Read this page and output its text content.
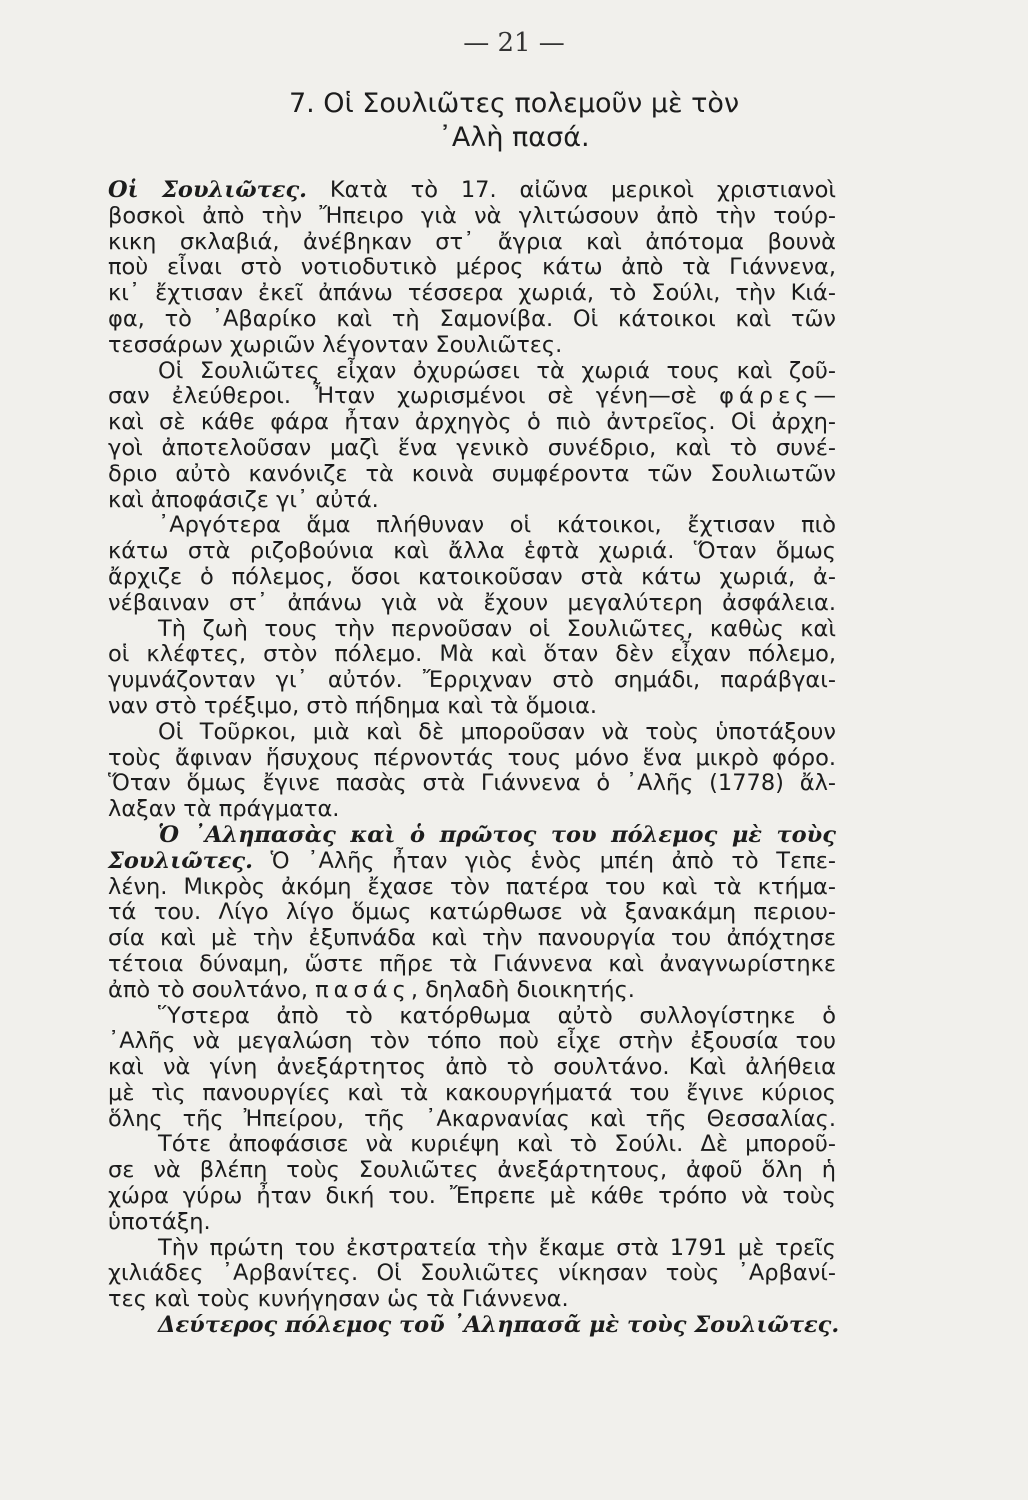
— 21 —
7. Οἱ Σουλιῶτες πολεμοῦν μὲ τὸν
᾿Αλὴ πασά.
Οἱ Σουλιῶτες. Κατὰ τὸ 17. αἰῶνα μερικοὶ χριστιανοὶ
βοσκοὶ ἀπὸ τὴν Ἤπειρο γιὰ νὰ γλιτώσουν ἀπὸ τὴν τούρ-
κικη σκλαβιά, ἀνέβηκαν στ᾿ ἄγρια καὶ ἀπότομα βουνὰ
ποὺ εἶναι στὸ νοτιοδυτικὸ μέρος κάτω ἀπὸ τὰ Γιάννενα,
κι᾿ ἔχτισαν ἐκεῖ ἀπάνω τέσσερα χωριά, τὸ Σούλι, τὴν Κιά-
φα, τὸ ᾿Αβαρίκο καὶ τὴ Σαμονίβα. Οἱ κάτοικοι καὶ τῶν
τεσσάρων χωριῶν λέγονταν Σουλιῶτες.
Οἱ Σουλιῶτες εἶχαν ὀχυρώσει τὰ χωριά τους καὶ ζοῦ-
σαν ἐλεύθεροι. Ἦταν χωρισμένοι σὲ γένη—σὲ φάρες—
καὶ σὲ κάθε φάρα ἦταν ἀρχηγὸς ὁ πιὸ ἀντρεῖος. Οἱ ἀρχη-
γοὶ ἀποτελοῦσαν μαζὶ ἕνα γενικὸ συνέδριο, καὶ τὸ συνέ-
δριο αὐτὸ κανόνιζε τὰ κοινὰ συμφέροντα τῶν Σουλιωτῶν
καὶ ἀποφάσιζε γι᾿ αὐτά.
᾿Αργότερα ἅμα πλήθυναν οἱ κάτοικοι, ἔχτισαν πιὸ
κάτω στὰ ριζοβούνια καὶ ἄλλα ἑφτὰ χωριά. Ὅταν ὅμως
ἄρχιζε ὁ πόλεμος, ὅσοι κατοικοῦσαν στὰ κάτω χωριά, ἀ-
νέβαιναν στ᾿ ἀπάνω γιὰ νὰ ἔχουν μεγαλύτερη ἀσφάλεια.
Τὴ ζωὴ τους τὴν περνοῦσαν οἱ Σουλιῶτες, καθὼς καὶ
οἱ κλέφτες, στὸν πόλεμο. Μὰ καὶ ὅταν δὲν εἶχαν πόλεμο,
γυμνάζονταν γι᾿ αὐτόν. Ἔρριχναν στὸ σημάδι, παράβγαι-
ναν στὸ τρέξιμο, στὸ πήδημα καὶ τὰ ὅμοια.
Οἱ Τοῦρκοι, μιὰ καὶ δὲ μποροῦσαν νὰ τοὺς ὑποτάξουν
τοὺς ἄφιναν ἥσυχους πέρνοντάς τους μόνο ἕνα μικρὸ φόρο.
Ὅταν ὅμως ἔγινε πασὰς στὰ Γιάννενα ὁ ᾿Αλῆς (1778) ἄλ-
λαξαν τὰ πράγματα.
Ὁ ᾿Αληπασὰς καὶ ὁ πρῶτος του πόλεμος μὲ τοὺς
Σουλιῶτες. Ὁ ᾿Αλῆς ἦταν γιὸς ἑνὸς μπέη ἀπὸ τὸ Τεπε-
λένη. Μικρὸς ἀκόμη ἔχασε τὸν πατέρα του καὶ τὰ κτήμα-
τά του. Λίγο λίγο ὅμως κατώρθωσε νὰ ξανακάμη περιου-
σία καὶ μὲ τὴν ἐξυπνάδα καὶ τὴν πανουργία του ἀπόχτησε
τέτοια δύναμη, ὥστε πῆρε τὰ Γιάννενα καὶ ἀναγνωρίστηκε
ἀπὸ τὸ σουλτάνο, πασάς, δηλαδὴ διοικητής.
Ὕστερα ἀπὸ τὸ κατόρθωμα αὐτὸ συλλογίστηκε ὁ
᾿Αλῆς νὰ μεγαλώση τὸν τόπο ποὺ εἶχε στὴν ἐξουσία του
καὶ νὰ γίνη ἀνεξάρτητος ἀπὸ τὸ σουλτάνο. Καὶ ἀλήθεια
μὲ τὶς πανουργίες καὶ τὰ κακουργήματά του ἔγινε κύριος
ὅλης τῆς Ἠπείρου, τῆς ᾿Ακαρνανίας καὶ τῆς Θεσσαλίας.
Τότε ἀποφάσισε νὰ κυριέψη καὶ τὸ Σούλι. Δὲ μποροῦ-
σε νὰ βλέπη τοὺς Σουλιῶτες ἀνεξάρτητους, ἀφοῦ ὅλη ἡ
χώρα γύρω ἦταν δική του. Ἔπρεπε μὲ κάθε τρόπο νὰ τοὺς
ὑποτάξη.
Τὴν πρώτη του ἐκστρατεία τὴν ἔκαμε στὰ 1791 μὲ τρεῖς
χιλιάδες ᾿Αρβανίτες. Οἱ Σουλιῶτες νίκησαν τοὺς ᾿Αρβανί-
τες καὶ τοὺς κυνήγησαν ὡς τὰ Γιάννενα.
Δεύτερος πόλεμος τοῦ ᾿Αληπασᾶ μὲ τοὺς Σουλιῶτες.
